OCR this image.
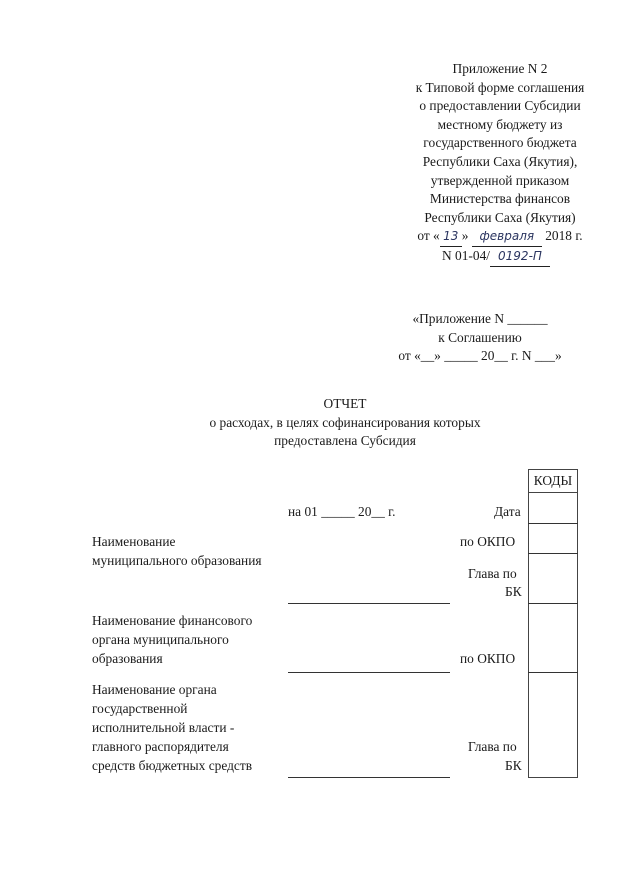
Приложение N 2
к Типовой форме соглашения
о предоставлении Субсидии
местному бюджету из
государственного бюджета
Республики Саха (Якутия),
утвержденной приказом
Министерства финансов
Республики Саха (Якутия)
от « 13 » февраля 2018 г.
N 01-04/ 0192-П
«Приложение N ______
к Соглашению
от «__» _____ 20__ г. N ___»
ОТЧЕТ
о расходах, в целях софинансирования которых
предоставлена Субсидия
КОДЫ
на 01 _____ 20__ г.	Дата
Наименование
муниципального образования
по ОКПО
Глава по
БК
Наименование финансового
органа муниципального
образования	по ОКПО
Наименование органа
государственной
исполнительной власти -
главного распорядителя
средств бюджетных средств
Глава по
БК
